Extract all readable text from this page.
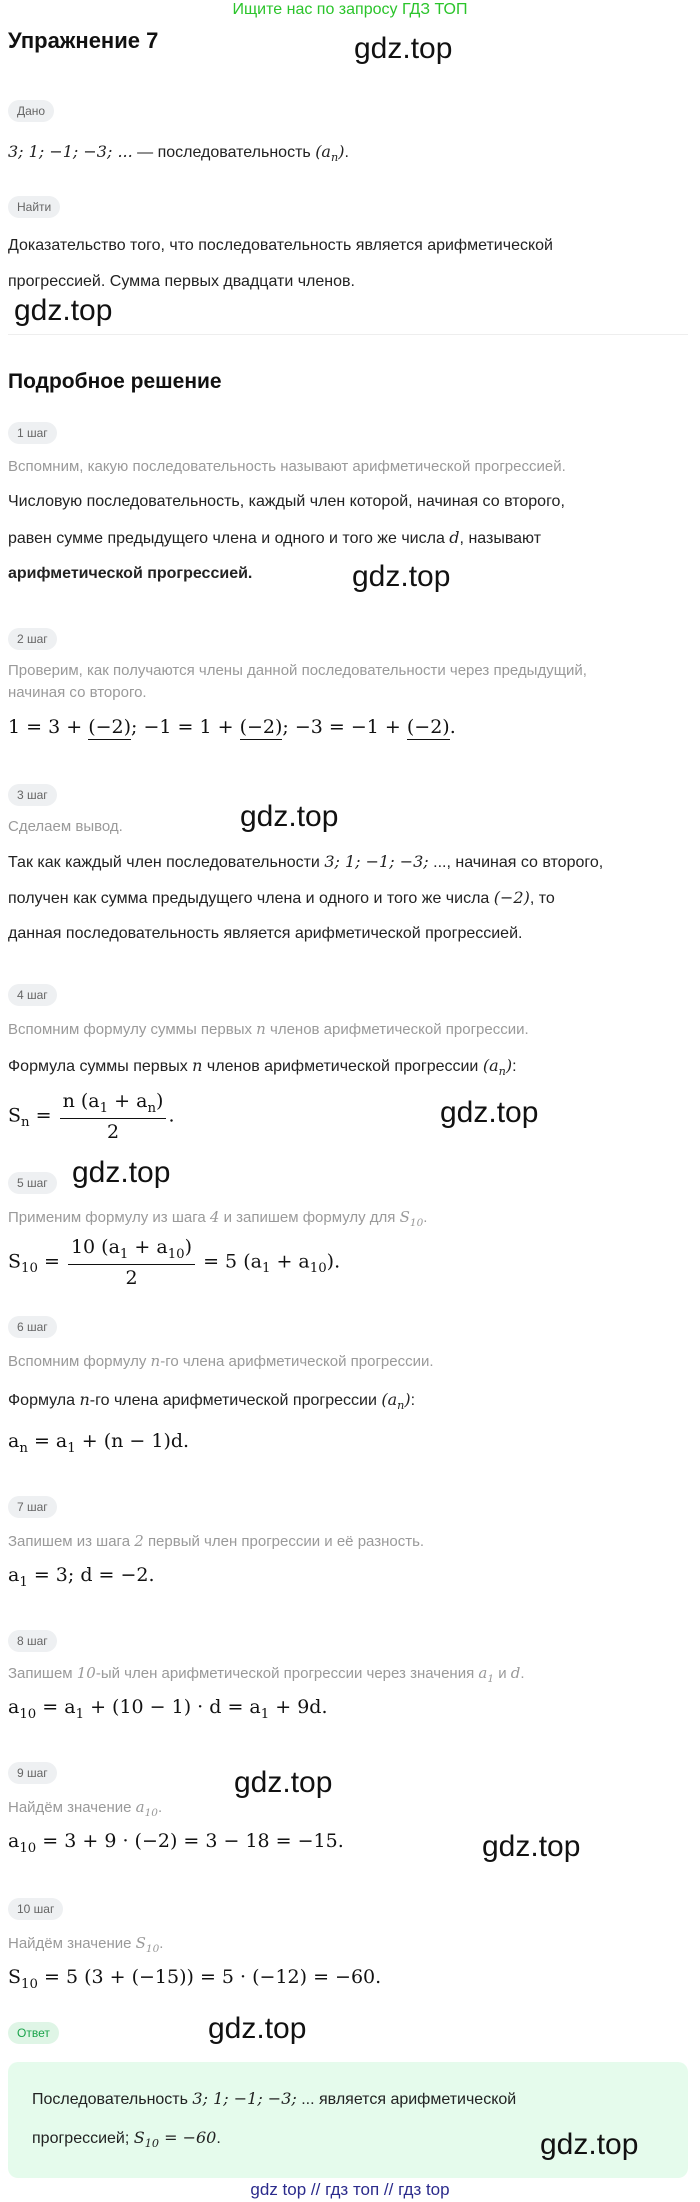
Ищите нас по запросу ГДЗ ТОП
Упражнение 7
Дано
3; 1; −1; −3; ... — последовательность $(a_n)$.
Найти
Доказательство того, что последовательность является арифметической
прогрессией. Сумма первых двадцати членов.
Подробное решение
1 шаг
Вспомним, какую последовательность называют арифметической прогрессией.
Числовую последовательность, каждый член которой, начиная со второго,
равен сумме предыдущего члена и одного и того же числа d, называют
арифметической прогрессией.
2 шаг
Проверим, как получаются члены данной последовательности через предыдущий,
начиная со второго.
1 = 3 + (−2); −1 = 1 + (−2); −3 = −1 + (−2).
3 шаг
Сделаем вывод.
Так как каждый член последовательности 3; 1; −1; −3; ..., начиная со второго,
получен как сумма предыдущего члена и одного и того же числа (−2), то
данная последовательность является арифметической прогрессией.
4 шаг
Вспомним формулу суммы первых n членов арифметической прогрессии.
Формула суммы первых n членов арифметической прогрессии $(a_n)$:
$S_n = \frac{n (a_1 + a_n)}{2}$ .
5 шаг
Применим формулу из шага 4 и запишем формулу для $S_{10}$.
$S_{10} = \frac{10 (a_1 + a_{10})}{2} = 5$ $(a_1 + a_{10})$.
6 шаг
Вспомним формулу n-го члена арифметической прогрессии.
Формула n-го члена арифметической прогрессии $(a_n)$:
$a_n = a_1 + (n - 1)d$.
7 шаг
Запишем из шага 2 первый член прогрессии и её разность.
$a_1 = 3$; d = −2.
8 шаг
Запишем 10-ый член арифметической прогрессии через значения $a_1$ и d.
$a_{10} = a_1 + (10 - 1) \cdot d = a_1 + 9d$.
9 шаг
Найдём значение $a_{10}$.
$a_{10} = 3 + 9 \cdot (-2) = 3 - 18 = -15$.
10 шаг
Найдём значение $S_{10}$.
$S_{10} = 5$ (3 + (−15)) = 5 · (−12) = −60.
Ответ
Последовательность 3; 1; −1; −3; ... является арифметической
прогрессией; $S_{10} = -60$.
gdz.top
gdz.top
gdz.top
gdz.top
gdz.top
gdz.top
gdz.top
gdz.top
gdz.top
gdz.top
gdz top // гдз топ // гдз top
